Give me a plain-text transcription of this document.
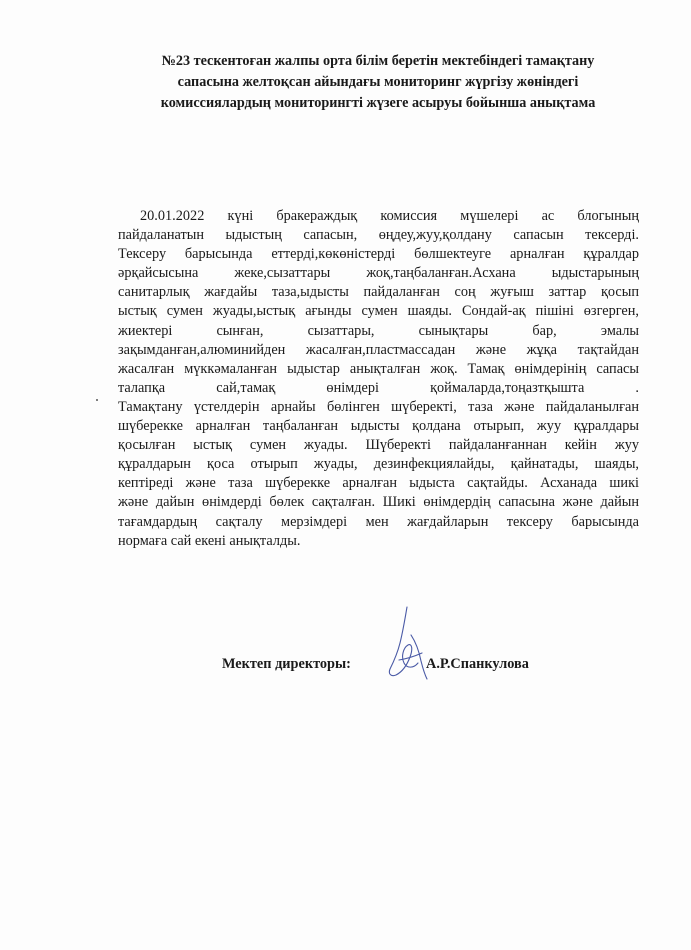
№23 тескентоған жалпы орта білім беретін мектебіндегі тамақтану
сапасына желтоқсан айындағы мониторинг жүргізу жөніндегі
комиссиялардың мониторингті жүзеге асыруы бойынша анықтама
20.01.2022 күні бракераждық комиссия мүшелері ас блогының
пайдаланатын ыдыстың сапасын, өңдеу,жуу,қолдану сапасын тексерді.
Тексеру барысында еттерді,көкөністерді бөлшектеуге арналған құралдар
әрқайсысына жеке,сызаттары жоқ,таңбаланған.Асхана ыдыстарының
санитарлық жағдайы таза,ыдысты пайдаланған соң жуғыш заттар қосып
ыстық сумен жуады,ыстық ағынды сумен шаяды. Сондай-ақ пішіні өзгерген,
жиектері сынған, сызаттары, сынықтары бар, эмалы
зақымданған,алюминийден жасалған,пластмассадан және жұқа тақтайдан
жасалған мүккәмаланған ыдыстар анықталған жоқ. Тамақ өнімдерінің сапасы
талапқа сай,тамақ өнімдері қоймаларда,тоңазтқышта .
Тамақтану үстелдерін арнайы бөлінген шүберекті, таза және пайдаланылған
шүберекке арналған таңбаланған ыдысты қолдана отырып, жуу құралдары
қосылған ыстық сумен жуады. Шүберекті пайдаланғаннан кейін жуу
құралдарын қоса отырып жуады, дезинфекциялайды, қайнатады, шаяды,
кептіреді және таза шүберекке арналған ыдыста сақтайды. Асханада шикі
және дайын өнімдерді бөлек сақталған. Шикі өнімдердің сапасына және дайын
тағамдардың сақталу мерзімдері мен жағдайларын тексеру барысында
нормаға сай екені анықталды.
Мектеп директоры:	А.Р.Спанкулова
